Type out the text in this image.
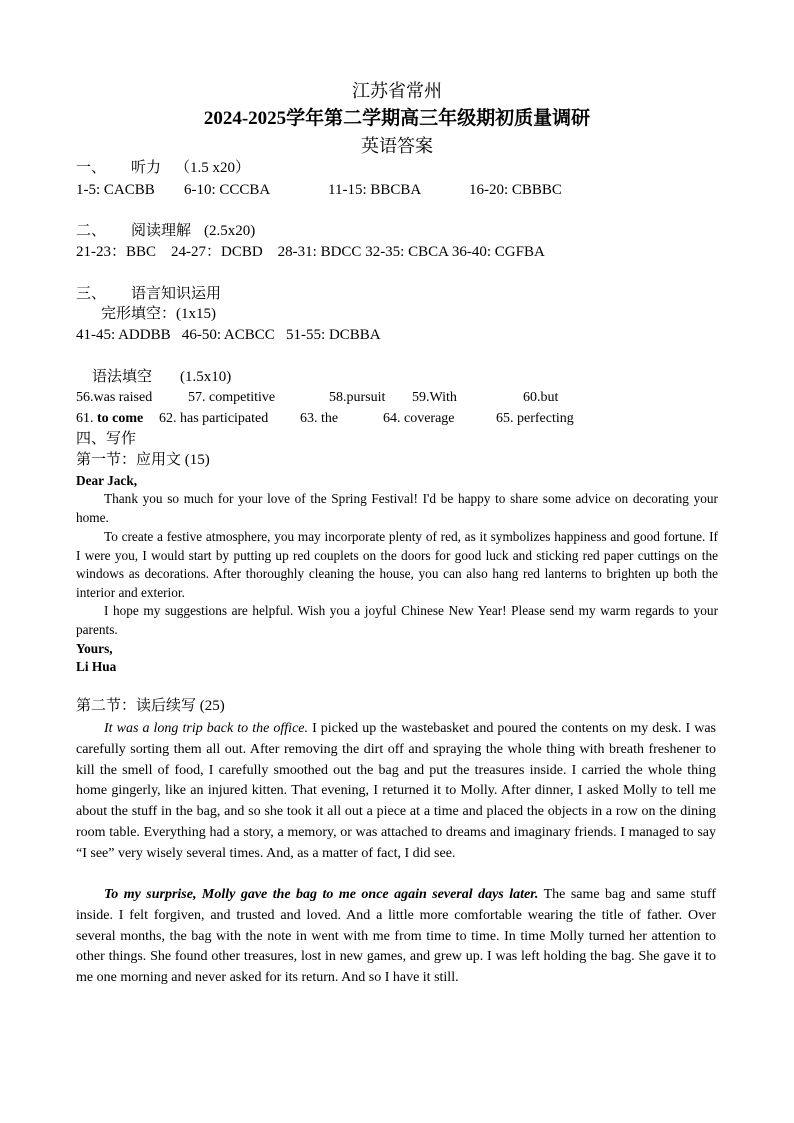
江苏省常州
2024-2025学年第二学期高三年级期初质量调研
英语答案
一、 听力 （1.5 x20）
1-5: CACBB 6-10: CCCBA	11-15: BBCBA	16-20: CBBBC
二、 阅读理解 (2.5x20)
21-23：BBC    24-27：DCBD    28-31: BDCC 32-35: CBCA 36-40: CGFBA
三、 语言知识运用
完形填空：(1x15)
41-45: ADDBB   46-50: ACBCC   51-55: DCBBA
语法填空 (1.5x10)
56.was raised	57. competitive	58.pursuit 59.With	60.but
61. to come 62. has participated 63. the	64. coverage	65. perfecting
四、写作
第一节：应用文 (15)
Dear Jack,
Thank you so much for your love of the Spring Festival! I'd be happy to share some advice on decorating your home.
To create a festive atmosphere, you may incorporate plenty of red, as it symbolizes happiness and good fortune. If I were you, I would start by putting up red couplets on the doors for good luck and sticking red paper cuttings on the windows as decorations. After thoroughly cleaning the house, you can also hang red lanterns to brighten up both the interior and exterior.
I hope my suggestions are helpful. Wish you a joyful Chinese New Year! Please send my warm regards to your parents.
Yours,
Li Hua
第二节：读后续写 (25)
It was a long trip back to the office. I picked up the wastebasket and poured the contents on my desk. I was carefully sorting them all out. After removing the dirt off and spraying the whole thing with breath freshener to kill the smell of food, I carefully smoothed out the bag and put the treasures inside. I carried the whole thing home gingerly, like an injured kitten. That evening, I returned it to Molly. After dinner, I asked Molly to tell me about the stuff in the bag, and so she took it all out a piece at a time and placed the objects in a row on the dining room table. Everything had a story, a memory, or was attached to dreams and imaginary friends. I managed to say “I see” very wisely several times. And, as a matter of fact, I did see.
To my surprise, Molly gave the bag to me once again several days later. The same bag and same stuff inside. I felt forgiven, and trusted and loved. And a little more comfortable wearing the title of father. Over several months, the bag with the note in went with me from time to time. In time Molly turned her attention to other things. She found other treasures, lost in new games, and grew up. I was left holding the bag. She gave it to me one morning and never asked for its return. And so I have it still.
